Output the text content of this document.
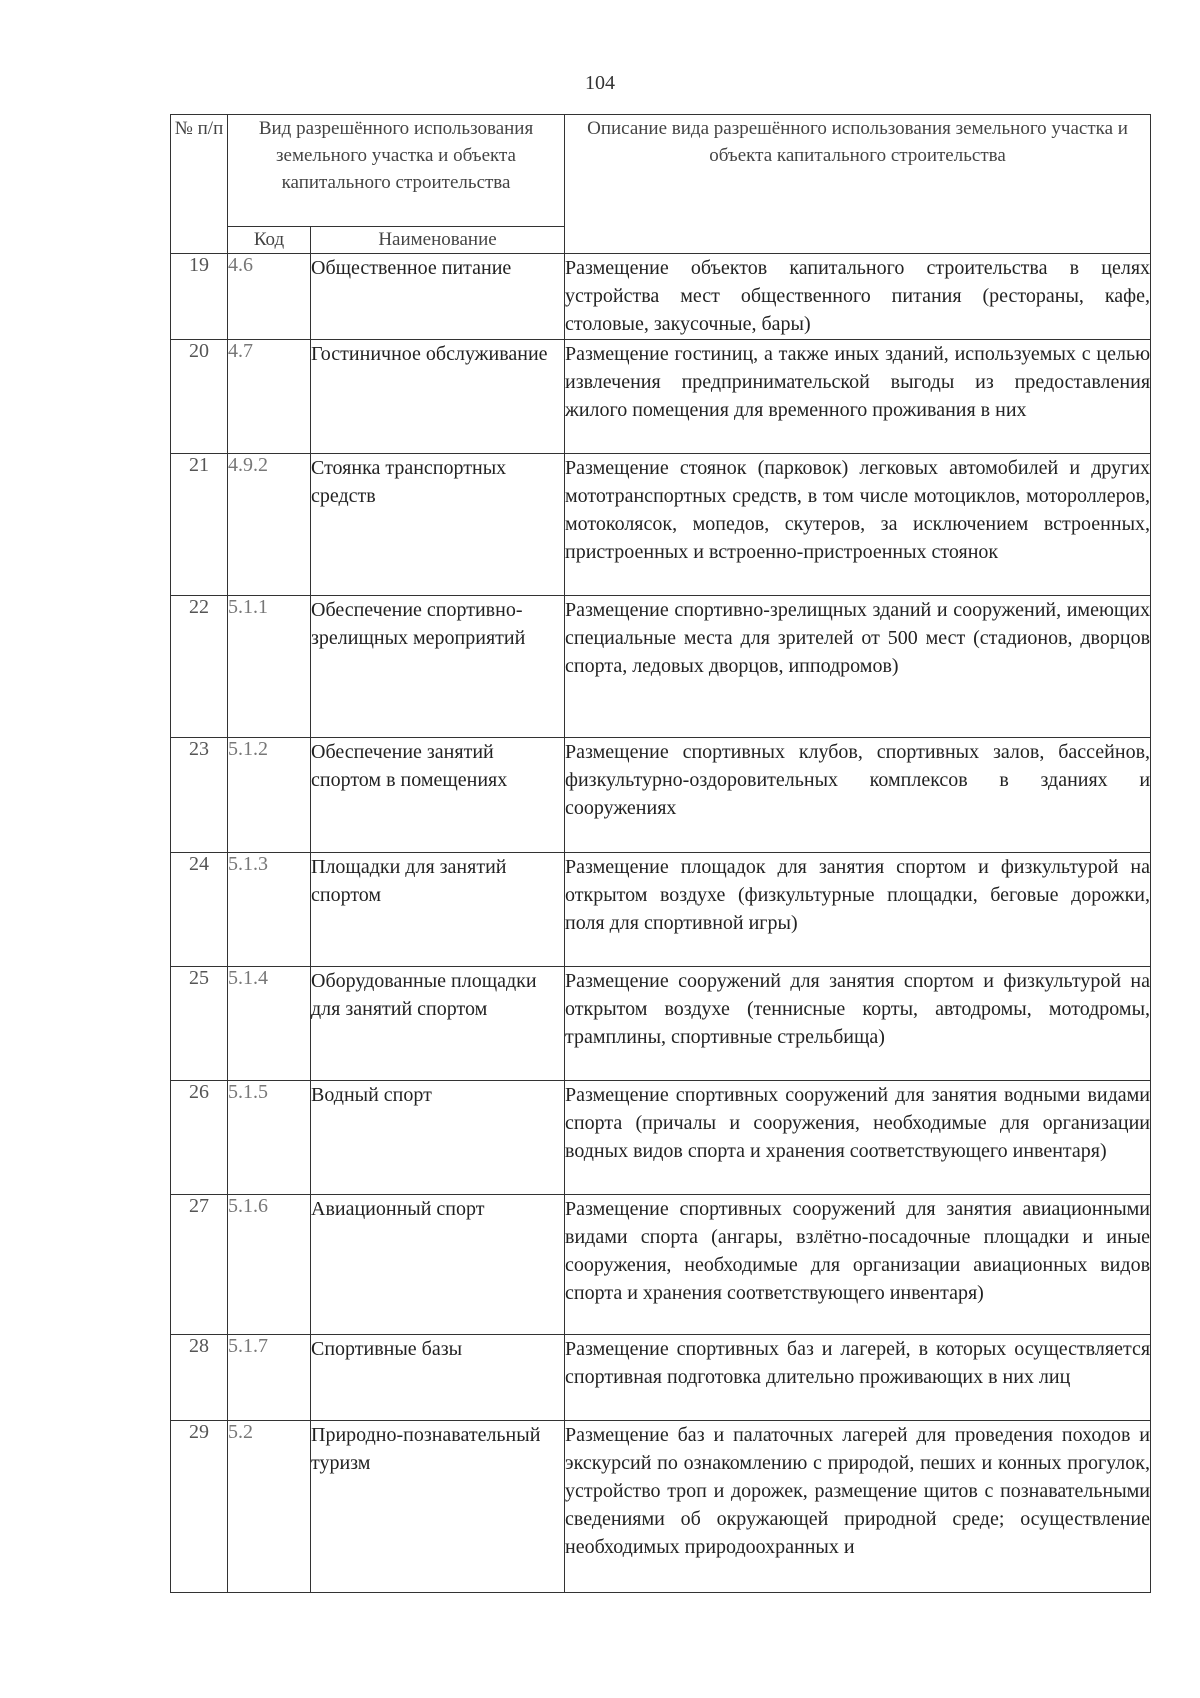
104
№ п/п	Вид разрешённого использования земельного участка и объекта капитального строительства		Описание вида разрешённого использования земельного участка и объекта капитального строительства
	Код	Наименование	
19	4.6	Общественное питание	Размещение объектов капитального строительства в целях устройства мест общественного питания (рестораны, кафе, столовые, закусочные, бары)
20	4.7	Гостиничное обслуживание	Размещение гостиниц, а также иных зданий, используемых с целью извлечения предпринимательской выгоды из предоставления жилого помещения для временного проживания в них
21	4.9.2	Стоянка транспортных средств	Размещение стоянок (парковок) легковых автомобилей и других мототранспортных средств, в том числе мотоциклов, мотороллеров, мотоколясок, мопедов, скутеров, за исключением встроенных, пристроенных и встроенно-пристроенных стоянок
22	5.1.1	Обеспечение спортивно-зрелищных мероприятий	Размещение спортивно-зрелищных зданий и сооружений, имеющих специальные места для зрителей от 500 мест (стадионов, дворцов спорта, ледовых дворцов, ипподромов)
23	5.1.2	Обеспечение занятий спортом в помещениях	Размещение спортивных клубов, спортивных залов, бассейнов, физкультурно-оздоровительных комплексов в зданиях и сооружениях
24	5.1.3	Площадки для занятий спортом	Размещение площадок для занятия спортом и физкультурой на открытом воздухе (физкультурные площадки, беговые дорожки, поля для спортивной игры)
25	5.1.4	Оборудованные площадки для занятий спортом	Размещение сооружений для занятия спортом и физкультурой на открытом воздухе (теннисные корты, автодромы, мотодромы, трамплины, спортивные стрельбища)
26	5.1.5	Водный спорт	Размещение спортивных сооружений для занятия водными видами спорта (причалы и сооружения, необходимые для организации водных видов спорта и хранения соответствующего инвентаря)
27	5.1.6	Авиационный спорт	Размещение спортивных сооружений для занятия авиационными видами спорта (ангары, взлётно-посадочные площадки и иные сооружения, необходимые для организации авиационных видов спорта и хранения соответствующего инвентаря)
28	5.1.7	Спортивные базы	Размещение спортивных баз и лагерей, в которых осуществляется спортивная подготовка длительно проживающих в них лиц
29	5.2	Природно-познавательный туризм	Размещение баз и палаточных лагерей для проведения походов и экскурсий по ознакомлению с природой, пеших и конных прогулок, устройство троп и дорожек, размещение щитов с познавательными сведениями об окружающей природной среде; осуществление необходимых природоохранных и
